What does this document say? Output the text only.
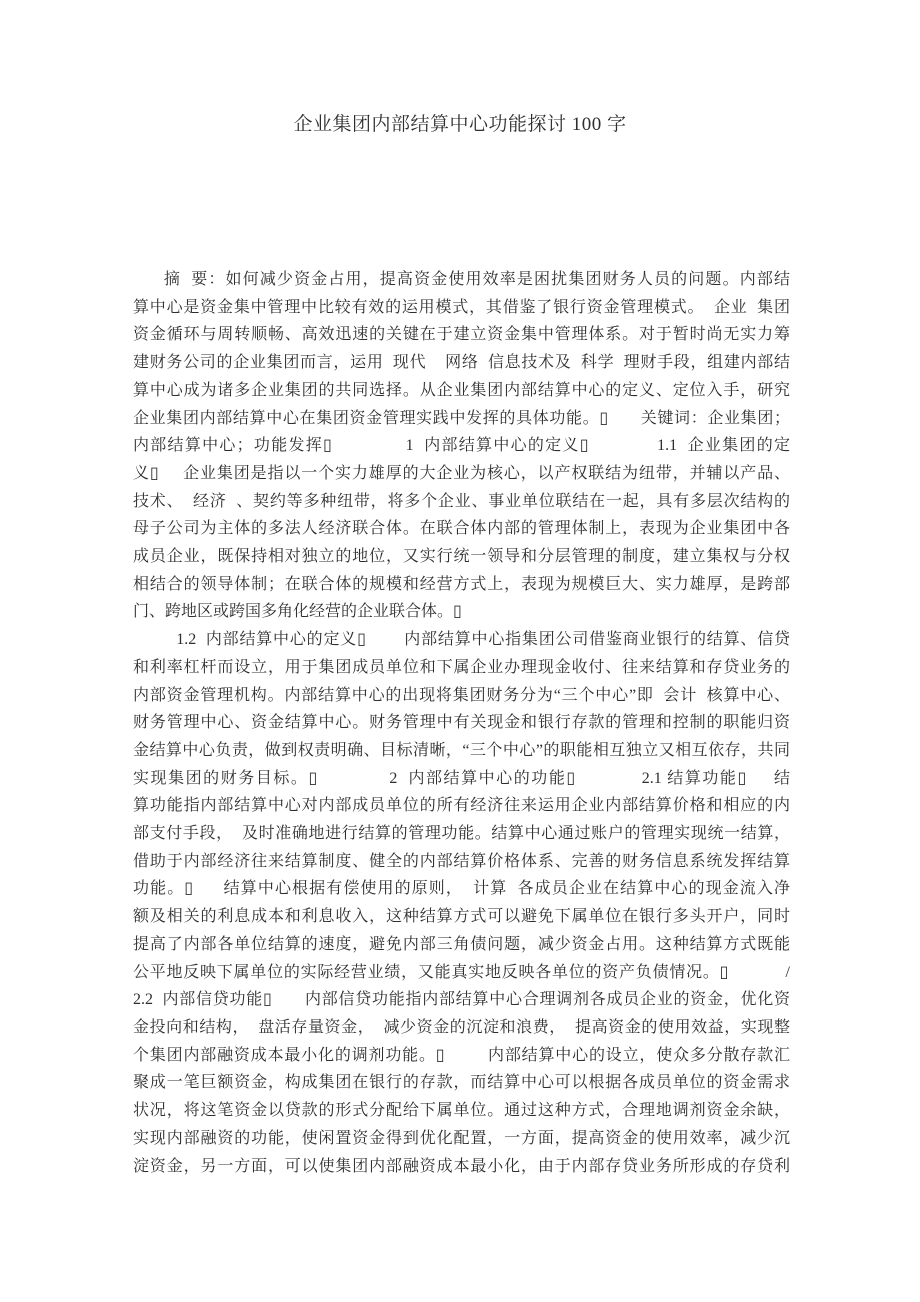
企业集团内部结算中心功能探讨 100 字
摘  要：如何减少资金占用，提高资金使用效率是困扰集团财务人员的问题。内部结
算中心是资金集中管理中比较有效的运用模式，其借鉴了银行资金管理模式。  企业  集团
资金循环与周转顺畅、高效迅速的关键在于建立资金集中管理体系。对于暂时尚无实力筹
建财务公司的企业集团而言，运用  现代    网络  信息技术及  科学  理财手段，组建内部结
算中心成为诸多企业集团的共同选择。从企业集团内部结算中心的定义、定位入手，研究
企业集团内部结算中心在集团资金管理实践中发挥的具体功能。▯       关键词：企业集团；
内部结算中心；功能发挥▯              1  内部结算中心的定义▯             1.1  企业集团的定
义▯     企业集团是指以一个实力雄厚的大企业为核心，以产权联结为纽带，并辅以产品、
技术、  经济  、契约等多种纽带，将多个企业、事业单位联结在一起，具有多层次结构的
母子公司为主体的多法人经济联合体。在联合体内部的管理体制上，表现为企业集团中各
成员企业，既保持相对独立的地位，又实行统一领导和分层管理的制度，建立集权与分权
相结合的领导体制；在联合体的规模和经营方式上，表现为规模巨大、实力雄厚，是跨部
门、跨地区或跨国多角化经营的企业联合体。▯
1.2  内部结算中心的定义▯        内部结算中心指集团公司借鉴商业银行的结算、信贷
和利率杠杆而设立，用于集团成员单位和下属企业办理现金收付、往来结算和存贷业务的
内部资金管理机构。内部结算中心的出现将集团财务分为“三个中心”即  会计  核算中心、
财务管理中心、资金结算中心。财务管理中有关现金和银行存款的管理和控制的职能归资
金结算中心负责，做到权责明确、目标清晰，“三个中心”的职能相互独立又相互依存，共同
实现集团的财务目标。▯             2  内部结算中心的功能▯            2.1 结算功能▯     结
算功能指内部结算中心对内部成员单位的所有经济往来运用企业内部结算价格和相应的内
部支付手段，  及时准确地进行结算的管理功能。结算中心通过账户的管理实现统一结算，
借助于内部经济往来结算制度、健全的内部结算价格体系、完善的财务信息系统发挥结算
功能。▯      结算中心根据有偿使用的原则，  计算  各成员企业在结算中心的现金流入净
额及相关的利息成本和利息收入，这种结算方式可以避免下属单位在银行多头开户，同时
提高了内部各单位结算的速度，避免内部三角债问题，减少资金占用。这种结算方式既能
公平地反映下属单位的实际经营业绩，又能真实地反映各单位的资产负债情况。▯            /
2.2  内部信贷功能▯       内部信贷功能指内部结算中心合理调剂各成员企业的资金，优化资
金投向和结构，  盘活存量资金，  减少资金的沉淀和浪费，  提高资金的使用效益，实现整
个集团内部融资成本最小化的调剂功能。▯         内部结算中心的设立，使众多分散存款汇
聚成一笔巨额资金，构成集团在银行的存款，而结算中心可以根据各成员单位的资金需求
状况，将这笔资金以贷款的形式分配给下属单位。通过这种方式，合理地调剂资金余缺，
实现内部融资的功能，使闲置资金得到优化配置，一方面，提高资金的使用效率，减少沉
淀资金，另一方面，可以使集团内部融资成本最小化，由于内部存贷业务所形成的存贷利
